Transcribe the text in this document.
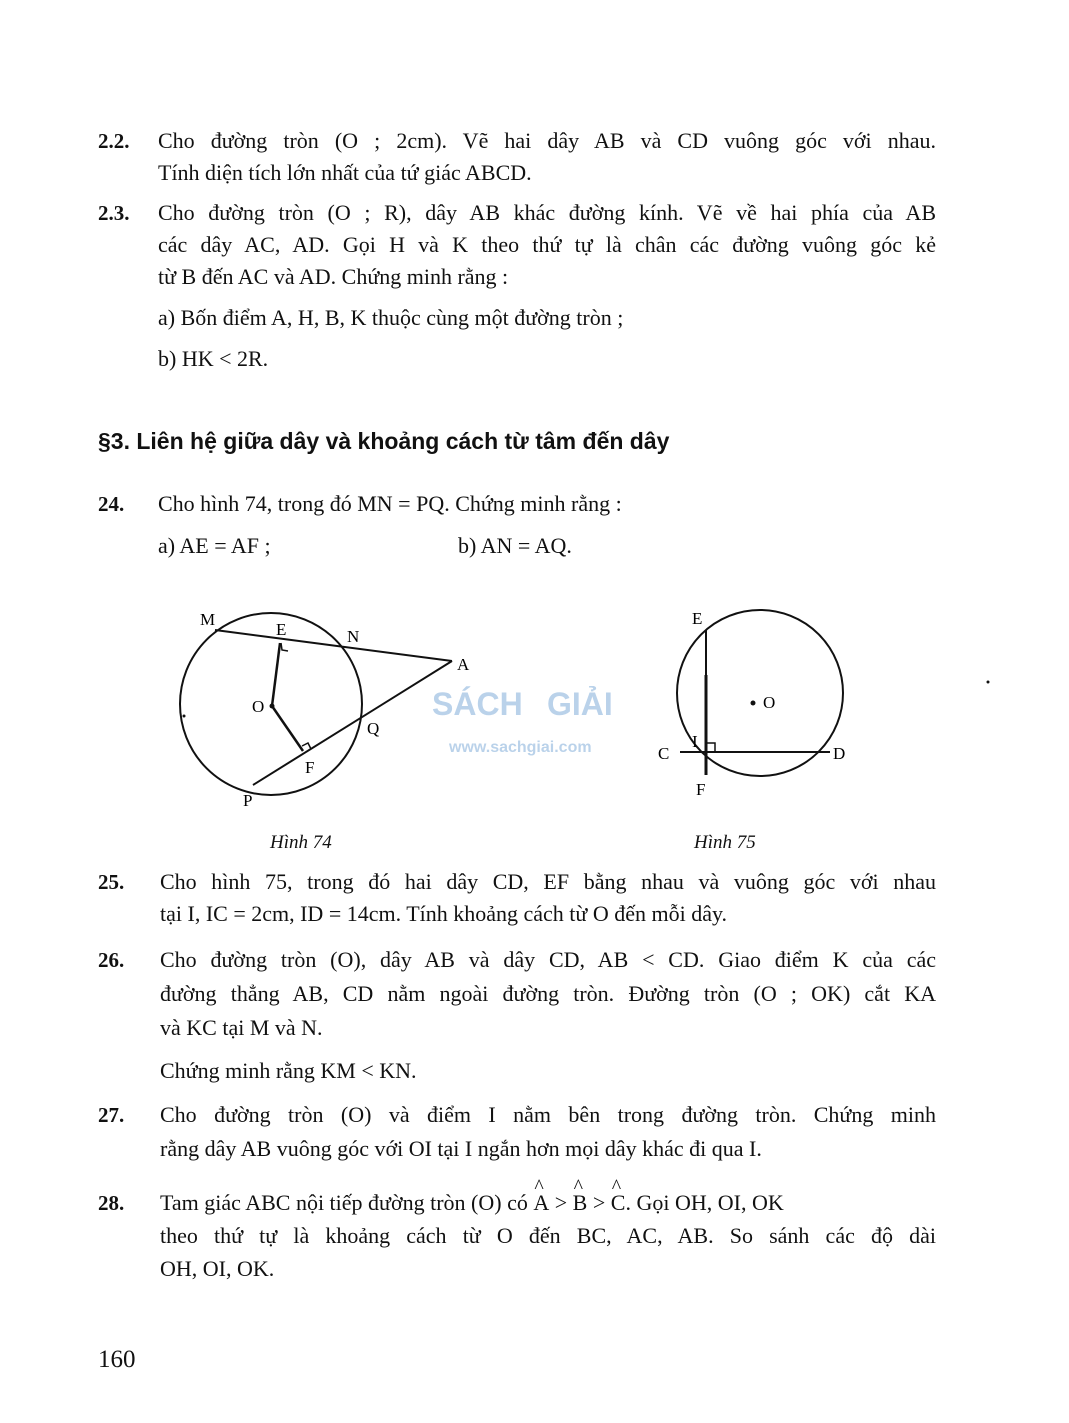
2.2. Cho đường tròn (O ; 2cm). Vẽ hai dây AB và CD vuông góc với nhau.
Tính diện tích lớn nhất của tứ giác ABCD.
2.3. Cho đường tròn (O ; R), dây AB khác đường kính. Vẽ về hai phía của AB
các dây AC, AD. Gọi H và K theo thứ tự là chân các đường vuông góc kẻ
từ B đến AC và AD. Chứng minh rằng :
a) Bốn điểm A, H, B, K thuộc cùng một đường tròn ;
b) HK < 2R.
§3. Liên hệ giữa dây và khoảng cách từ tâm đến dây
24. Cho hình 74, trong đó MN = PQ. Chứng minh rằng :
a) AE = AF ;	b) AN = AQ.
M
E	N
A
O
Q
F
P
E
O
C
I
D
F
SÁCH GIẢI
www.sachgiai.com
Hình 74	Hình 75
25. Cho hình 75, trong đó hai dây CD, EF bằng nhau và vuông góc với nhau
tại I, IC = 2cm, ID = 14cm. Tính khoảng cách từ O đến mỗi dây.
26. Cho đường tròn (O), dây AB và dây CD, AB < CD. Giao điểm K của các
đường thẳng AB, CD nằm ngoài đường tròn. Đường tròn (O ; OK) cắt KA
và KC tại M và N.
Chứng minh rằng KM < KN.
27. Cho đường tròn (O) và điểm I nằm bên trong đường tròn. Chứng minh
rằng dây AB vuông góc với OI tại I ngắn hơn mọi dây khác đi qua I.
28. Tam giác ABC nội tiếp đường tròn (O) có ^ A > ^ B > ^ C. Gọi OH, OI, OK
theo thứ tự là khoảng cách từ O đến BC, AC, AB. So sánh các độ dài
OH, OI, OK.
160
